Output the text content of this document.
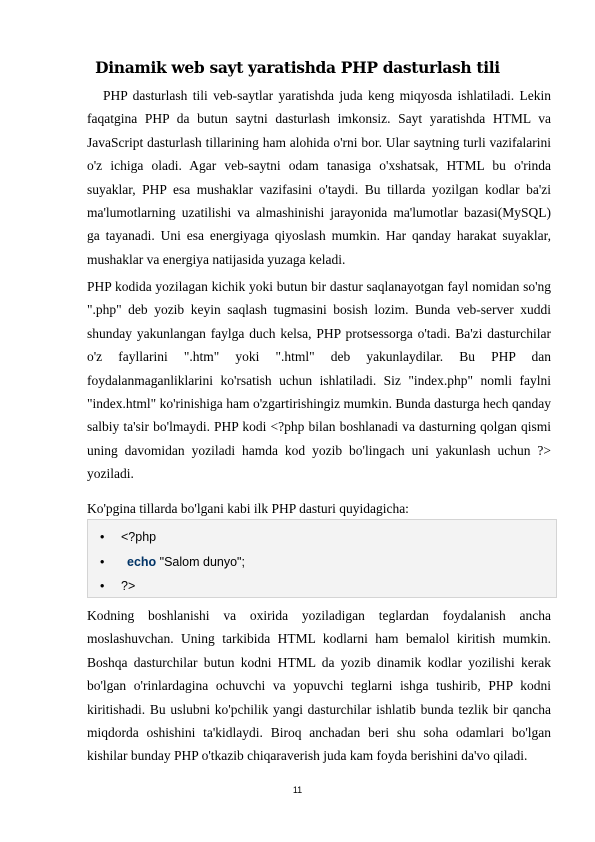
Dinamik web sayt yaratishda PHP dasturlash tili
PHP dasturlash tili veb-saytlar yaratishda juda keng miqyosda ishlatiladi. Lekin faqatgina PHP da butun saytni dasturlash imkonsiz. Sayt yaratishda HTML va JavaScript dasturlash tillarining ham alohida o'rni bor. Ular saytning turli vazifalarini o'z ichiga oladi. Agar veb-saytni odam tanasiga o'xshatsak, HTML bu o'rinda suyaklar, PHP esa mushaklar vazifasini o'taydi. Bu tillarda yozilgan kodlar ba'zi ma'lumotlarning uzatilishi va almashinishi jarayonida ma'lumotlar bazasi(MySQL) ga tayanadi. Uni esa energiyaga qiyoslash mumkin. Har qanday harakat suyaklar, mushaklar va energiya natijasida yuzaga keladi.
PHP kodida yozilagan kichik yoki butun bir dastur saqlanayotgan fayl nomidan so'ng ".php" deb yozib keyin saqlash tugmasini bosish lozim. Bunda veb-server xuddi shunday yakunlangan faylga duch kelsa, PHP protsessorga o'tadi. Ba'zi dasturchilar o'z fayllarini ".htm" yoki ".html" deb yakunlaydilar. Bu PHP dan foydalanmaganliklarini ko'rsatish uchun ishlatiladi. Siz "index.php" nomli faylni "index.html" ko'rinishiga ham o'zgartirishingiz mumkin. Bunda dasturga hech qanday salbiy ta'sir bo'lmaydi. PHP kodi <?php bilan boshlanadi va dasturning qolgan qismi uning davomidan yoziladi hamda kod yozib bo'lingach uni yakunlash uchun ?> yoziladi.
Ko'pgina tillarda bo'lgani kabi ilk PHP dasturi quyidagicha:
• <?php
• echo "Salom dunyo";
• ?>
Kodning boshlanishi va oxirida yoziladigan teglardan foydalanish ancha moslashuvchan. Uning tarkibida HTML kodlarni ham bemalol kiritish mumkin. Boshqa dasturchilar butun kodni HTML da yozib dinamik kodlar yozilishi kerak bo'lgan o'rinlardagina ochuvchi va yopuvchi teglarni ishga tushirib, PHP kodni kiritishadi. Bu uslubni ko'pchilik yangi dasturchilar ishlatib bunda tezlik bir qancha miqdorda oshishini ta'kidlaydi. Biroq anchadan beri shu soha odamlari bo'lgan kishilar bunday PHP o'tkazib chiqaraverish juda kam foyda berishini da'vo qiladi.
11
